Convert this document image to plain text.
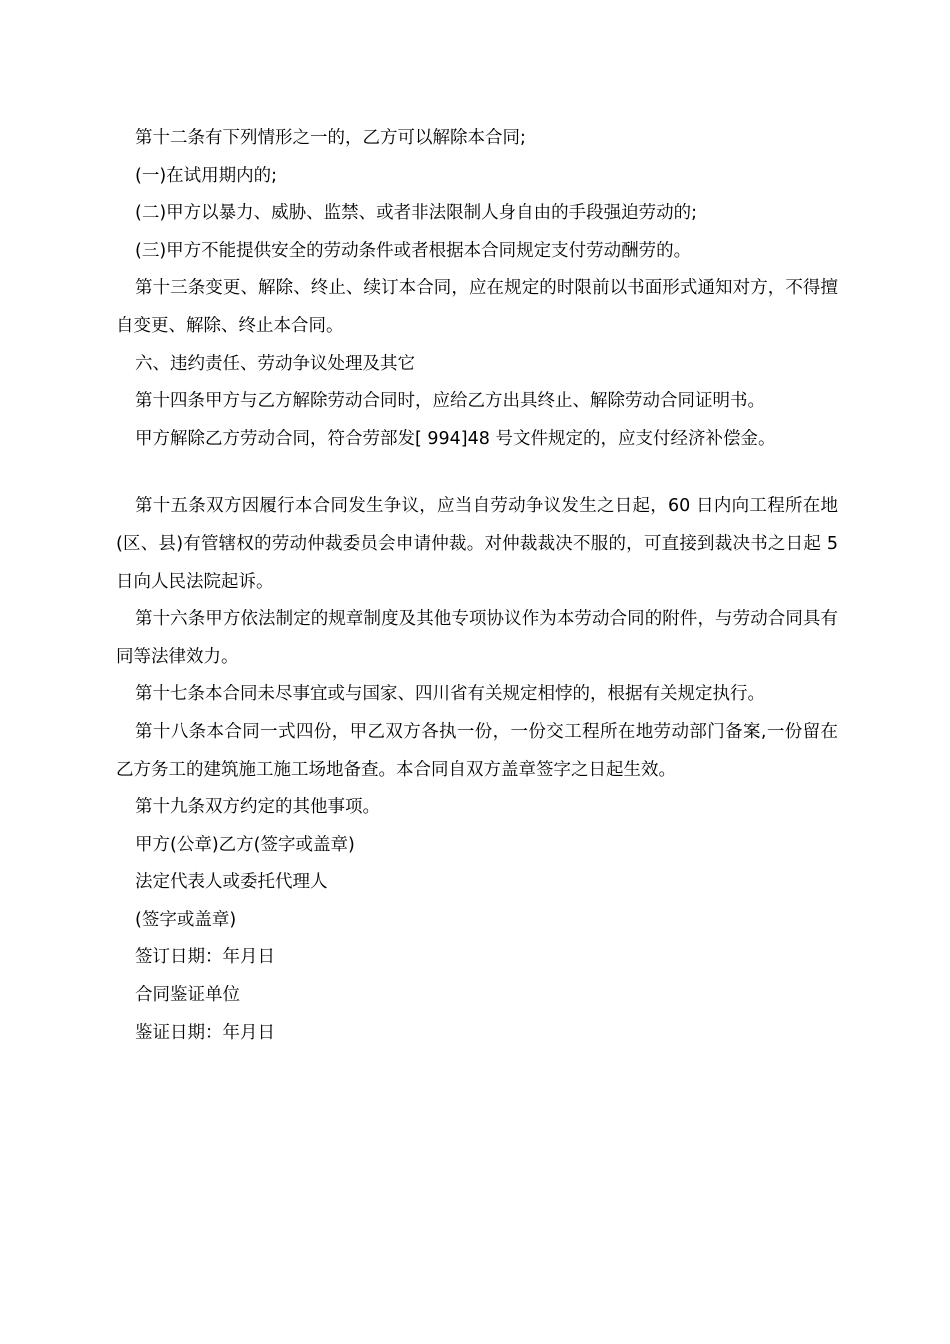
第十二条有下列情形之一的，乙方可以解除本合同;

(一)在试用期内的;

(二)甲方以暴力、威胁、监禁、或者非法限制人身自由的手段强迫劳动的;

(三)甲方不能提供安全的劳动条件或者根据本合同规定支付劳动酬劳的。

第十三条变更、解除、终止、续订本合同，应在规定的时限前以书面形式通知对方，不得擅自变更、解除、终止本合同。

六、违约责任、劳动争议处理及其它

第十四条甲方与乙方解除劳动合同时，应给乙方出具终止、解除劳动合同证明书。

甲方解除乙方劳动合同，符合劳部发[ 994]48 号文件规定的，应支付经济补偿金。

第十五条双方因履行本合同发生争议，应当自劳动争议发生之日起，60 日内向工程所在地(区、县)有管辖权的劳动仲裁委员会申请仲裁。对仲裁裁决不服的，可直接到裁决书之日起 5 日向人民法院起诉。

第十六条甲方依法制定的规章制度及其他专项协议作为本劳动合同的附件，与劳动合同具有同等法律效力。

第十七条本合同未尽事宜或与国家、四川省有关规定相悖的，根据有关规定执行。

第十八条本合同一式四份，甲乙双方各执一份，一份交工程所在地劳动部门备案,一份留在乙方务工的建筑施工施工场地备查。本合同自双方盖章签字之日起生效。

第十九条双方约定的其他事项。

甲方(公章)乙方(签字或盖章)

法定代表人或委托代理人

(签字或盖章)

签订日期：年月日

合同鉴证单位

鉴证日期：年月日
